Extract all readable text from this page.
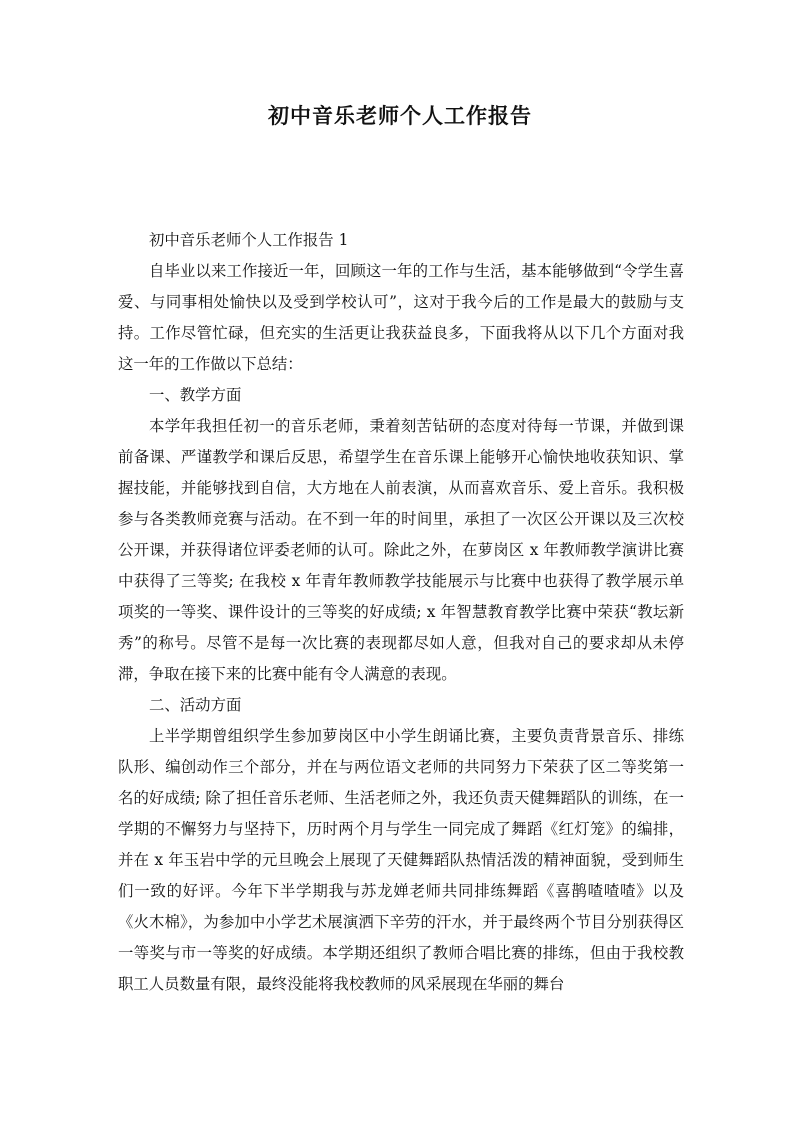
初中音乐老师个人工作报告

初中音乐老师个人工作报告 1

自毕业以来工作接近一年，回顾这一年的工作与生活，基本能够做到“令学生喜爱、与同事相处愉快以及受到学校认可”，这对于我今后的工作是最大的鼓励与支持。工作尽管忙碌，但充实的生活更让我获益良多，下面我将从以下几个方面对我这一年的工作做以下总结：

一、教学方面

本学年我担任初一的音乐老师，秉着刻苦钻研的态度对待每一节课，并做到课前备课、严谨教学和课后反思，希望学生在音乐课上能够开心愉快地收获知识、掌握技能，并能够找到自信，大方地在人前表演，从而喜欢音乐、爱上音乐。我积极参与各类教师竞赛与活动。在不到一年的时间里，承担了一次区公开课以及三次校公开课，并获得诸位评委老师的认可。除此之外，在萝岗区 x 年教师教学演讲比赛中获得了三等奖; 在我校 x 年青年教师教学技能展示与比赛中也获得了教学展示单项奖的一等奖、课件设计的三等奖的好成绩; x 年智慧教育教学比赛中荣获“教坛新秀”的称号。尽管不是每一次比赛的表现都尽如人意，但我对自己的要求却从未停滞，争取在接下来的比赛中能有令人满意的表现。

二、活动方面

上半学期曾组织学生参加萝岗区中小学生朗诵比赛，主要负责背景音乐、排练队形、编创动作三个部分，并在与两位语文老师的共同努力下荣获了区二等奖第一名的好成绩; 除了担任音乐老师、生活老师之外，我还负责天健舞蹈队的训练，在一学期的不懈努力与坚持下，历时两个月与学生一同完成了舞蹈《红灯笼》的编排，并在 x 年玉岩中学的元旦晚会上展现了天健舞蹈队热情活泼的精神面貌，受到师生们一致的好评。今年下半学期我与苏龙婵老师共同排练舞蹈《喜鹊喳喳喳》以及《火木棉》，为参加中小学艺术展演洒下辛劳的汗水，并于最终两个节目分别获得区一等奖与市一等奖的好成绩。本学期还组织了教师合唱比赛的排练，但由于我校教职工人员数量有限，最终没能将我校教师的风采展现在华丽的舞台
